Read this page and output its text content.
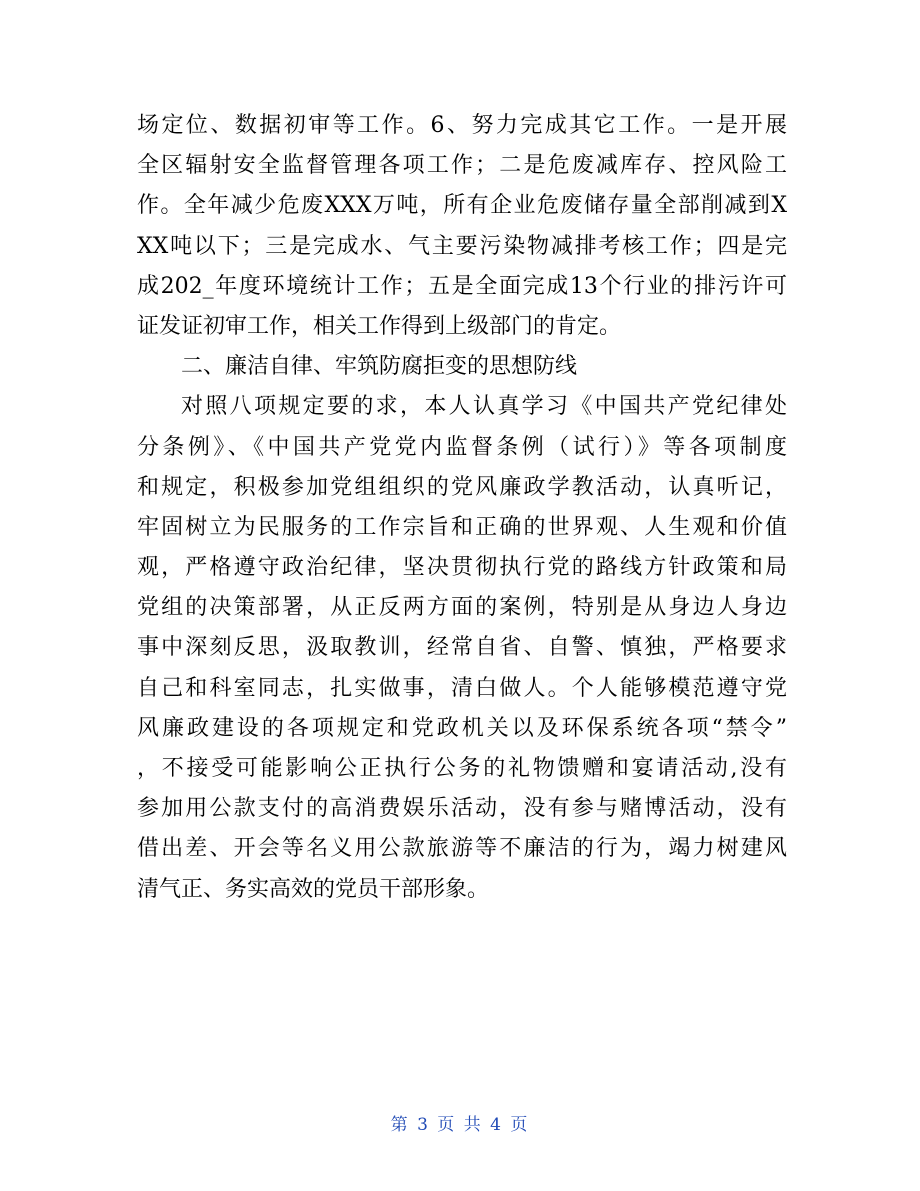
场定位、数据初审等工作。6、努力完成其它工作。一是开展
全区辐射安全监督管理各项工作；二是危废减库存、控风险工
作。全年减少危废XXX万吨，所有企业危废储存量全部削减到X
XX吨以下；三是完成水、气主要污染物减排考核工作；四是完
成202_年度环境统计工作；五是全面完成13个行业的排污许可
证发证初审工作，相关工作得到上级部门的肯定。
二、廉洁自律、牢筑防腐拒变的思想防线
对照八项规定要的求，本人认真学习《中国共产党纪律处
分条例》、《中国共产党党内监督条例（试行）》等各项制度
和规定，积极参加党组组织的党风廉政学教活动，认真听记，
牢固树立为民服务的工作宗旨和正确的世界观、人生观和价值
观，严格遵守政治纪律，坚决贯彻执行党的路线方针政策和局
党组的决策部署，从正反两方面的案例，特别是从身边人身边
事中深刻反思，汲取教训，经常自省、自警、慎独，严格要求
自己和科室同志，扎实做事，清白做人。个人能够模范遵守党
风廉政建设的各项规定和党政机关以及环保系统各项“禁令”
，不接受可能影响公正执行公务的礼物馈赠和宴请活动,没有
参加用公款支付的高消费娱乐活动，没有参与赌博活动，没有
借出差、开会等名义用公款旅游等不廉洁的行为，竭力树建风
清气正、务实高效的党员干部形象。
第 3 页 共 4 页
